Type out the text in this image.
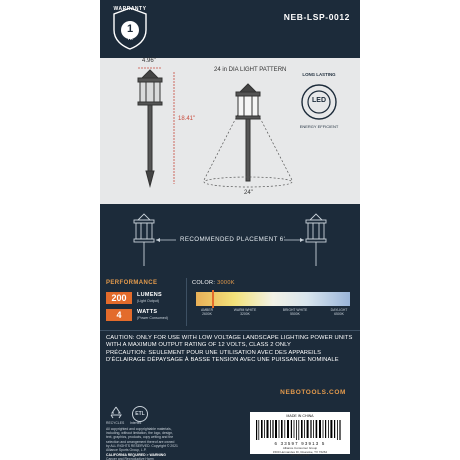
WARRANTY
1
YR
NEB-LSP-0012
4.96"
18.41"
24 in DIA LIGHT PATTERN
24"
LONG LASTING
LED
ENERGY EFFICIENT
RECOMMENDED PLACEMENT 6'
PERFORMANCE
200	LUMENS
(Light Output)
4	WATTS
(Power Consumed)
COLOR: 3000K
AMBER
2600K
WARM WHITE
3200K
BRIGHT WHITE
5500K
DAYLIGHT
6500K
CAUTION: ONLY FOR USE WITH LOW VOLTAGE LANDSCAPE LIGHTING POWER UNITS
WITH A MAXIMUM OUTPUT RATING OF 12 VOLTS, CLASS 2 ONLY
PRÉCAUTION: SEULEMENT POUR UNE UTILISATION AVEC DES APPAREILS
D'ÉCLAIRAGE DÉPAYSAGE À BASSE TENSION AVEC UNE PUISSANCE NOMINALE
NEBOTOOLS.COM
RECYCLES
ETL
Intertek
All copyrighted and copyrightable materials,
including, without limitation, the logo, design,
text, graphics, products, copy writing and the
selection and arrangement thereof are owned
by ALL RIGHTS RESERVED. Copyright © 2021
Alliance Sports Group, L.P.
CALIFORNIA REQUIRED > WARNING
Cancer and Reproductive Harm
MADE IN CHINA
6 33597 93913 5
Alliance Consumer Group
1500 Hernandes Dr, Roanoke, TX 76262
800.255.6061
